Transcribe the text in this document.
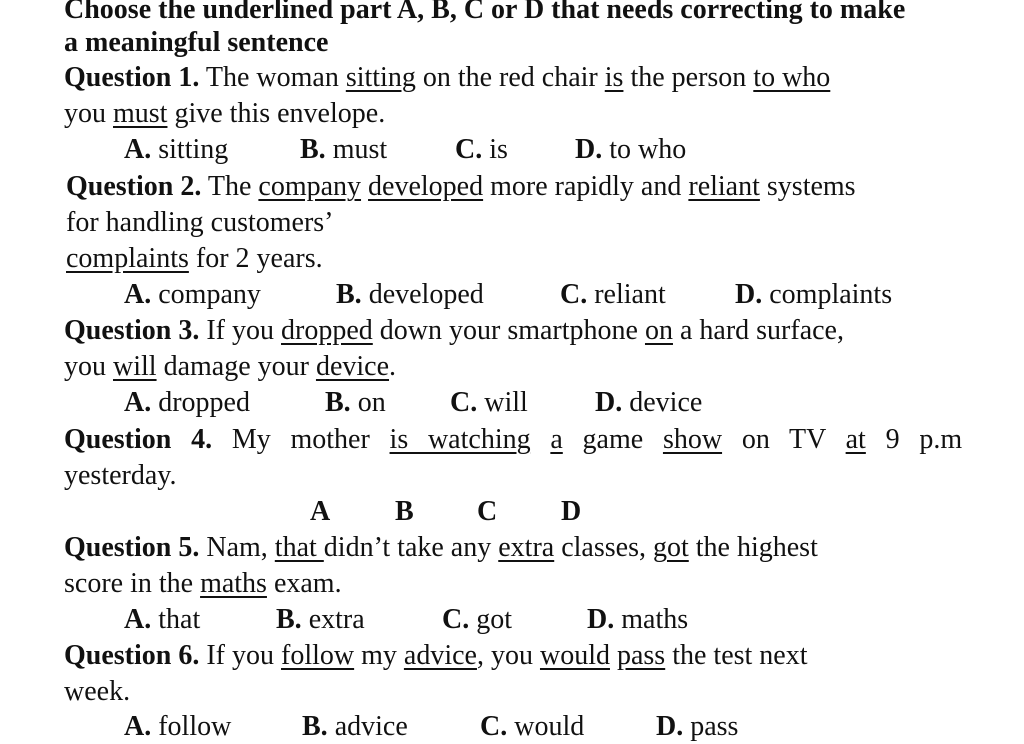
Choose the underlined part A, B, C or D that needs correcting to make
a meaningful sentence
Question 1. The woman sitting on the red chair is the person to who
you must give this envelope.
A. sitting	B. must C. is D. to who
Question 2. The company developed more rapidly and reliant systems
for handling customers’
complaints for 2 years.
A. company	B. developed	C. reliant D. complaints
Question 3. If you dropped down your smartphone on a hard surface,
you will damage your device.
A. dropped	B. on C. will D. device
Question 4. My mother is watching a game show on TV at 9 p.m
yesterday.
A B C D
Question 5. Nam, that didn’t take any extra classes, got the highest
score in the maths exam.
A. that	B. extra	C. got	D. maths
Question 6. If you follow my advice, you would pass the test next
week.
A. follow	B. advice	C. would	D. pass
